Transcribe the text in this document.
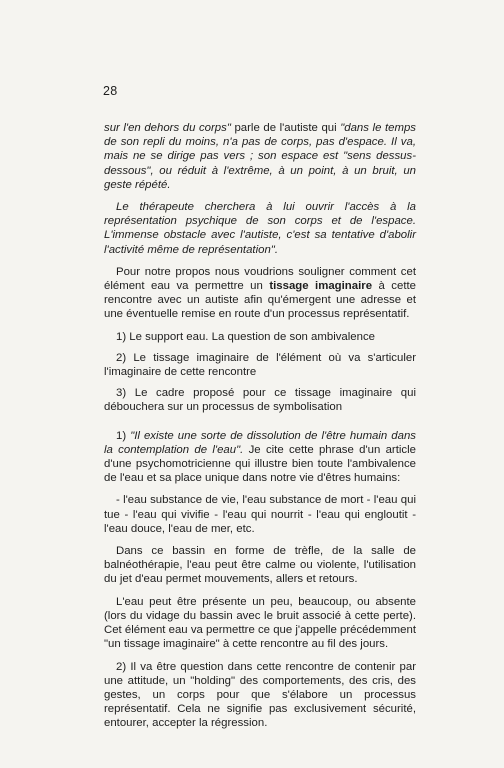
28

sur l'en dehors du corps" parle de l'autiste qui "dans le temps de son repli du moins, n'a pas de corps, pas d'espace. Il va, mais ne se dirige pas vers ; son espace est "sens dessus-dessous", ou réduit à l'extrême, à un point, à un bruit, un geste répété.

Le thérapeute cherchera à lui ouvrir l'accès à la représentation psychique de son corps et de l'espace. L'immense obstacle avec l'autiste, c'est sa tentative d'abolir l'activité même de représentation".

Pour notre propos nous voudrions souligner comment cet élément eau va permettre un tissage imaginaire à cette rencontre avec un autiste afin qu'émergent une adresse et une éventuelle remise en route d'un processus représentatif.

1) Le support eau. La question de son ambivalence

2) Le tissage imaginaire de l'élément où va s'articuler l'imaginaire de cette rencontre

3) Le cadre proposé pour ce tissage imaginaire qui débouchera sur un processus de symbolisation

1) "Il existe une sorte de dissolution de l'être humain dans la contemplation de l'eau". Je cite cette phrase d'un article d'une psychomotricienne qui illustre bien toute l'ambivalence de l'eau et sa place unique dans notre vie d'êtres humains:

- l'eau substance de vie, l'eau substance de mort - l'eau qui tue - l'eau qui vivifie - l'eau qui nourrit - l'eau qui engloutit - l'eau douce, l'eau de mer, etc.

Dans ce bassin en forme de trèfle, de la salle de balnéothérapie, l'eau peut être calme ou violente, l'utilisation du jet d'eau permet mouvements, allers et retours.

L'eau peut être présente un peu, beaucoup, ou absente (lors du vidage du bassin avec le bruit associé à cette perte). Cet élément eau va permettre ce que j'appelle précédemment "un tissage imaginaire" à cette rencontre au fil des jours.

2) Il va être question dans cette rencontre de contenir par une attitude, un "holding" des comportements, des cris, des gestes, un corps pour que s'élabore un processus représentatif. Cela ne signifie pas exclusivement sécurité, entourer, accepter la régression.
